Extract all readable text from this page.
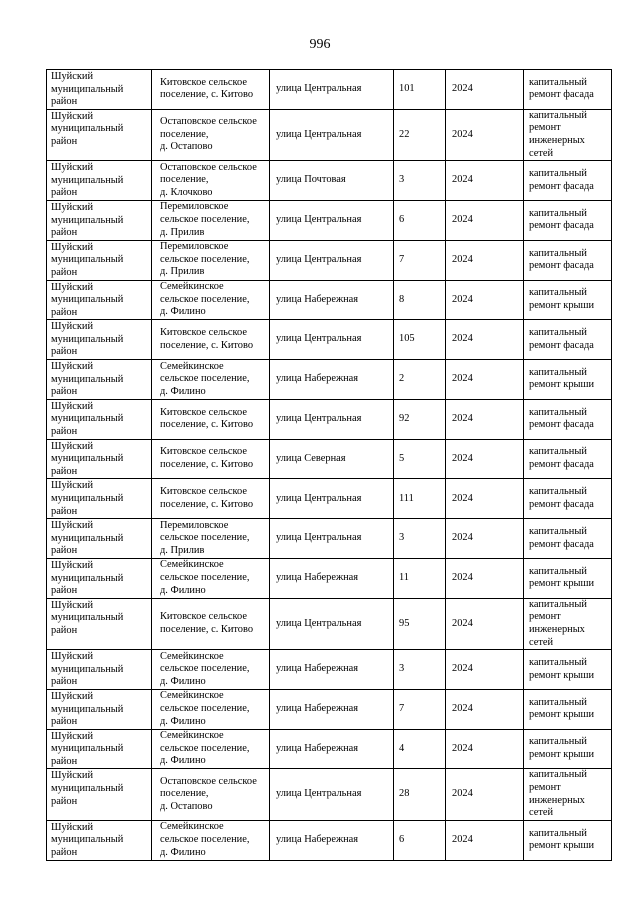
996
Шуйский
муниципальный
район	Китовское сельское
поселение, с. Китово	улица Центральная	101	2024	капитальный
ремонт фасада

Шуйский
муниципальный
район	Остаповское сельское
поселение,
д. Остапово	улица Центральная	22	2024	капитальный
ремонт
инженерных
сетей

Шуйский
муниципальный
район	Остаповское сельское
поселение,
д. Клочково	улица Почтовая	3	2024	капитальный
ремонт фасада

Шуйский
муниципальный
район	Перемиловское
сельское поселение,
д. Прилив	улица Центральная	6	2024	капитальный
ремонт фасада

Шуйский
муниципальный
район	Перемиловское
сельское поселение,
д. Прилив	улица Центральная	7	2024	капитальный
ремонт фасада

Шуйский
муниципальный
район	Семейкинское
сельское поселение,
д. Филино	улица Набережная	8	2024	капитальный
ремонт крыши

Шуйский
муниципальный
район	Китовское сельское
поселение, с. Китово	улица Центральная	105	2024	капитальный
ремонт фасада

Шуйский
муниципальный
район	Семейкинское
сельское поселение,
д. Филино	улица Набережная	2	2024	капитальный
ремонт крыши

Шуйский
муниципальный
район	Китовское сельское
поселение, с. Китово	улица Центральная	92	2024	капитальный
ремонт фасада

Шуйский
муниципальный
район	Китовское сельское
поселение, с. Китово	улица Северная	5	2024	капитальный
ремонт фасада

Шуйский
муниципальный
район	Китовское сельское
поселение, с. Китово	улица Центральная	111	2024	капитальный
ремонт фасада

Шуйский
муниципальный
район	Перемиловское
сельское поселение,
д. Прилив	улица Центральная	3	2024	капитальный
ремонт фасада

Шуйский
муниципальный
район	Семейкинское
сельское поселение,
д. Филино	улица Набережная	11	2024	капитальный
ремонт крыши

Шуйский
муниципальный
район	Китовское сельское
поселение, с. Китово	улица Центральная	95	2024	капитальный
ремонт
инженерных
сетей

Шуйский
муниципальный
район	Семейкинское
сельское поселение,
д. Филино	улица Набережная	3	2024	капитальный
ремонт крыши

Шуйский
муниципальный
район	Семейкинское
сельское поселение,
д. Филино	улица Набережная	7	2024	капитальный
ремонт крыши

Шуйский
муниципальный
район	Семейкинское
сельское поселение,
д. Филино	улица Набережная	4	2024	капитальный
ремонт крыши

Шуйский
муниципальный
район	Остаповское сельское
поселение,
д. Остапово	улица Центральная	28	2024	капитальный
ремонт
инженерных
сетей

Шуйский
муниципальный
район	Семейкинское
сельское поселение,
д. Филино	улица Набережная	6	2024	капитальный
ремонт крыши
